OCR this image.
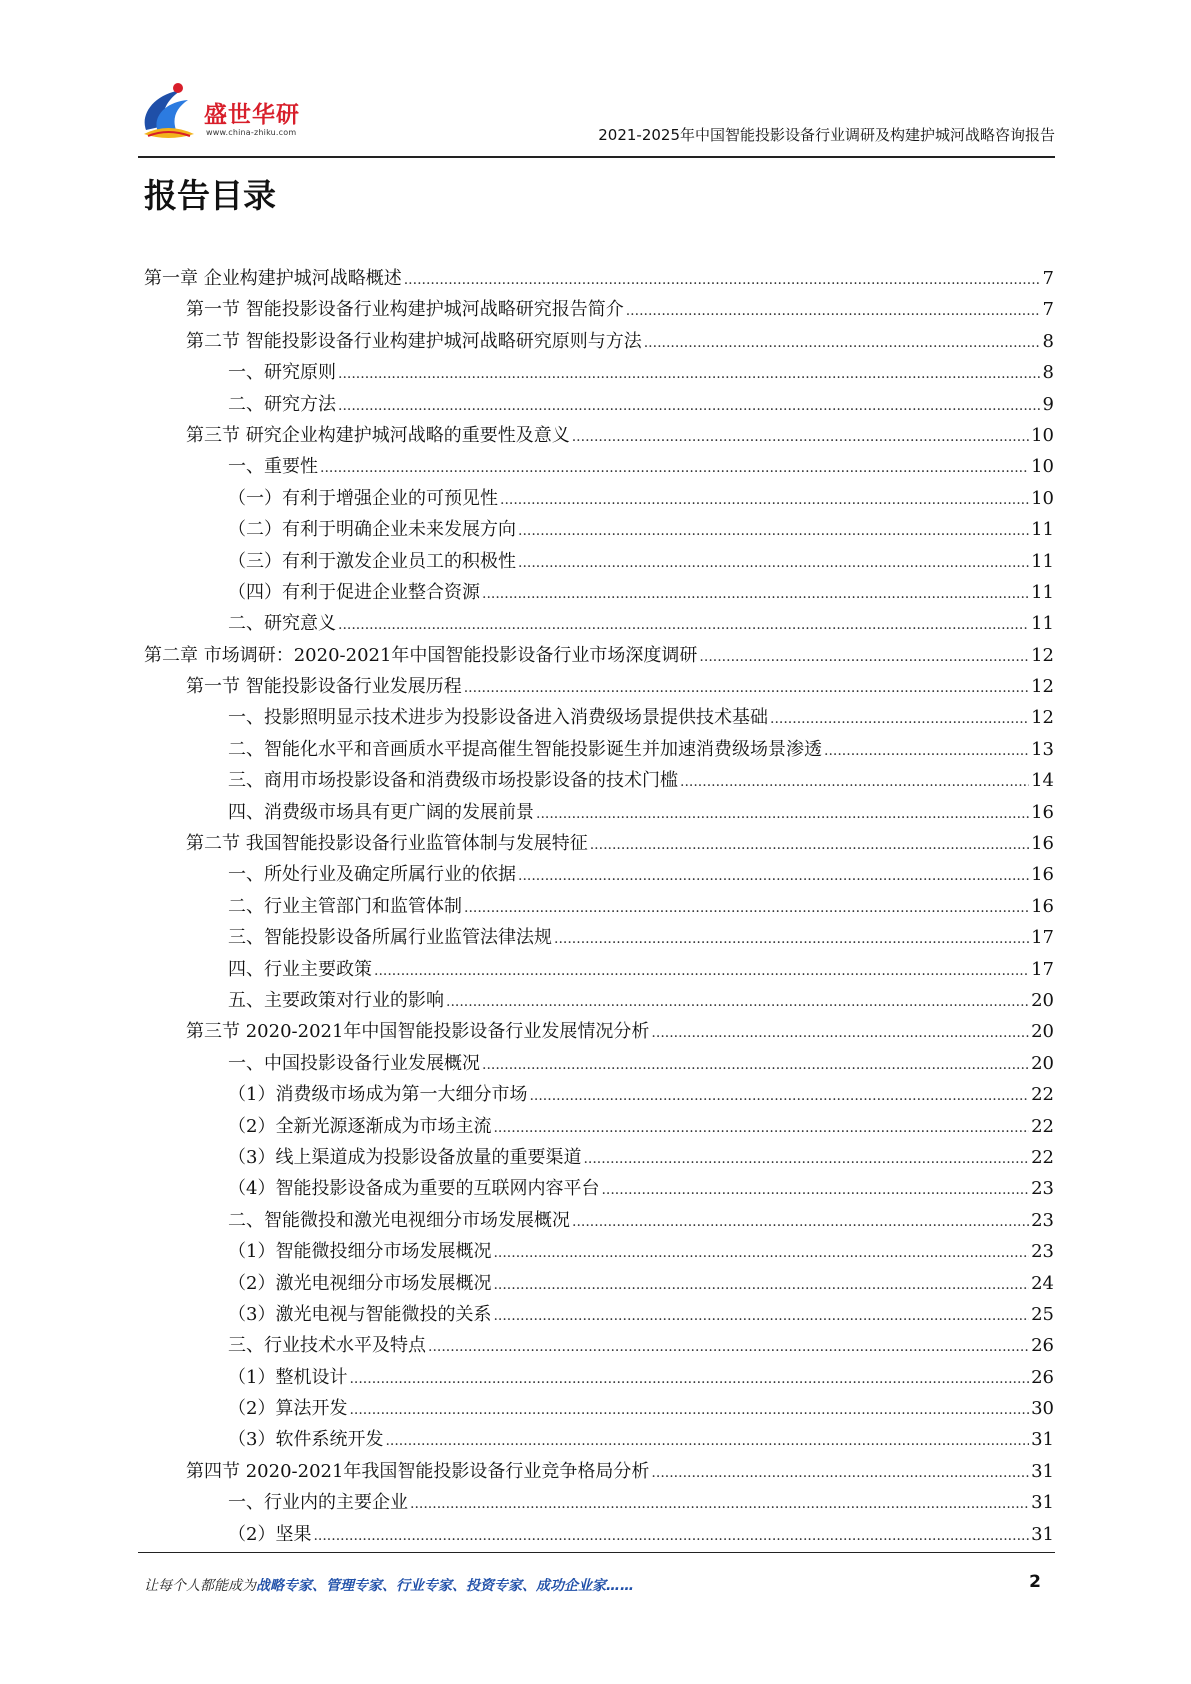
盛世华研
www.china-zhiku.com	2021-2025年中国智能投影设备行业调研及构建护城河战略咨询报告
报告目录
第一章 企业构建护城河战略概述 .....	7
第一节 智能投影设备行业构建护城河战略研究报告简介 .....	7
第二节 智能投影设备行业构建护城河战略研究原则与方法 .....	8
一、研究原则 .....	8
二、研究方法 .....	9
第三节 研究企业构建护城河战略的重要性及意义 .....	10
一、重要性 .....	10
（一）有利于增强企业的可预见性 .....	10
（二）有利于明确企业未来发展方向 .....	11
（三）有利于激发企业员工的积极性 .....	11
（四）有利于促进企业整合资源 .....	11
二、研究意义 .....	11
第二章 市场调研：2020-2021年中国智能投影设备行业市场深度调研 .....	12
第一节 智能投影设备行业发展历程 .....	12
一、投影照明显示技术进步为投影设备进入消费级场景提供技术基础 .....	12
二、智能化水平和音画质水平提高催生智能投影诞生并加速消费级场景渗透 .....	13
三、商用市场投影设备和消费级市场投影设备的技术门槛 .....	14
四、消费级市场具有更广阔的发展前景 .....	16
第二节 我国智能投影设备行业监管体制与发展特征 .....	16
一、所处行业及确定所属行业的依据 .....	16
二、行业主管部门和监管体制 .....	16
三、智能投影设备所属行业监管法律法规 .....	17
四、行业主要政策 .....	17
五、主要政策对行业的影响 .....	20
第三节 2020-2021年中国智能投影设备行业发展情况分析 .....	20
一、中国投影设备行业发展概况 .....	20
（1）消费级市场成为第一大细分市场 .....	22
（2）全新光源逐渐成为市场主流 .....	22
（3）线上渠道成为投影设备放量的重要渠道 .....	22
（4）智能投影设备成为重要的互联网内容平台 .....	23
二、智能微投和激光电视细分市场发展概况 .....	23
（1）智能微投细分市场发展概况 .....	23
（2）激光电视细分市场发展概况 .....	24
（3）激光电视与智能微投的关系 .....	25
三、行业技术水平及特点 .....	26
（1）整机设计 .....	26
（2）算法开发 .....	30
（3）软件系统开发 .....	31
第四节 2020-2021年我国智能投影设备行业竞争格局分析 .....	31
一、行业内的主要企业 .....	31
（2）坚果 .....	31
让每个人都能成为战略专家、管理专家、行业专家、投资专家、成功企业家……	2
